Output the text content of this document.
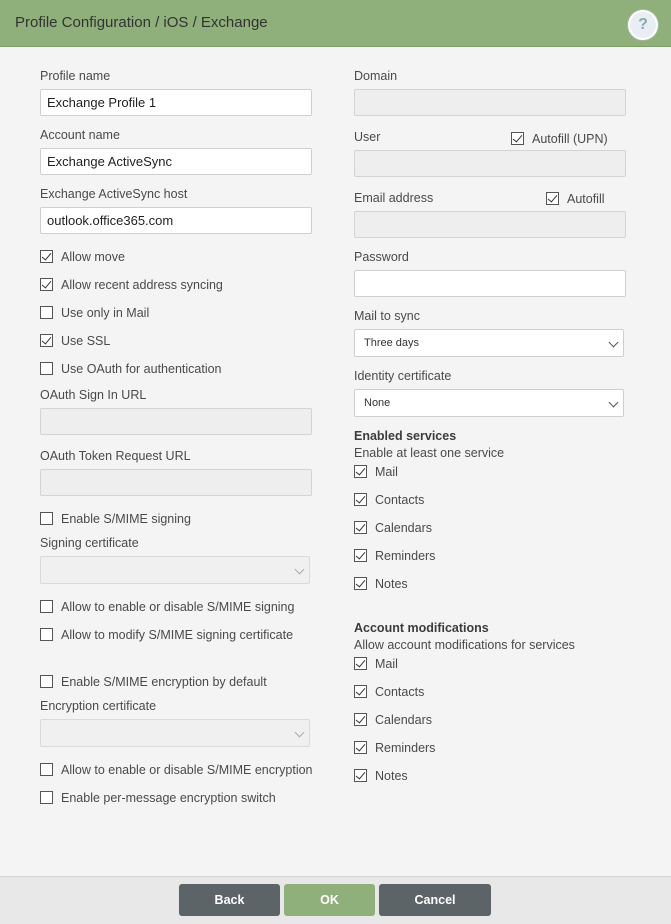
Profile Configuration / iOS / Exchange	?
Profile name
Exchange Profile 1
Account name
Exchange ActiveSync
Exchange ActiveSync host
outlook.office365.com
Allow move
Allow recent address syncing
Use only in Mail
Use SSL
Use OAuth for authentication
OAuth Sign In URL
OAuth Token Request URL
Enable S/MIME signing
Signing certificate
Allow to enable or disable S/MIME signing
Allow to modify S/MIME signing certificate
Enable S/MIME encryption by default
Encryption certificate
Allow to enable or disable S/MIME encryption
Enable per-message encryption switch
Domain
User	Autofill (UPN)
Email address	Autofill
Password
Mail to sync
Three days
Identity certificate
None
Enabled services
Enable at least one service
Mail
Contacts
Calendars
Reminders
Notes
Account modifications
Allow account modifications for services
Mail
Contacts
Calendars
Reminders
Notes
Back	OK	Cancel
